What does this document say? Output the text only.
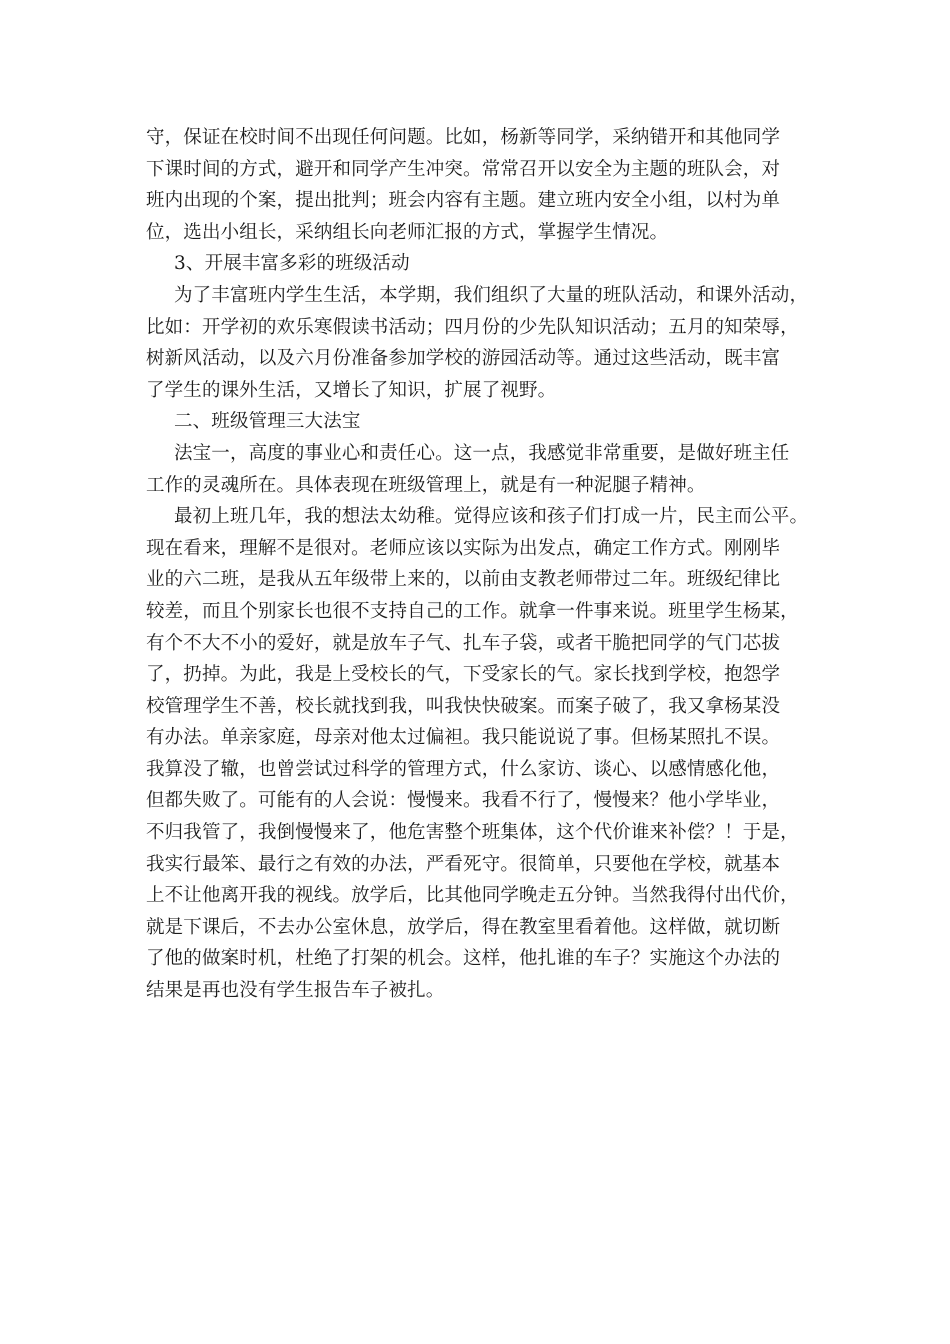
守，保证在校时间不出现任何问题。比如，杨新等同学，采纳错开和其他同学
下课时间的方式，避开和同学产生冲突。常常召开以安全为主题的班队会，对
班内出现的个案，提出批判；班会内容有主题。建立班内安全小组，以村为单
位，选出小组长，采纳组长向老师汇报的方式，掌握学生情况。
3、开展丰富多彩的班级活动
为了丰富班内学生生活，本学期，我们组织了大量的班队活动，和课外活动，
比如：开学初的欢乐寒假读书活动；四月份的少先队知识活动；五月的知荣辱，
树新风活动，以及六月份准备参加学校的游园活动等。通过这些活动，既丰富
了学生的课外生活，又增长了知识，扩展了视野。
二、班级管理三大法宝
法宝一，高度的事业心和责任心。这一点，我感觉非常重要，是做好班主任
工作的灵魂所在。具体表现在班级管理上，就是有一种泥腿子精神。
最初上班几年，我的想法太幼稚。觉得应该和孩子们打成一片，民主而公平。
现在看来，理解不是很对。老师应该以实际为出发点，确定工作方式。刚刚毕
业的六二班，是我从五年级带上来的，以前由支教老师带过二年。班级纪律比
较差，而且个别家长也很不支持自己的工作。就拿一件事来说。班里学生杨某，
有个不大不小的爱好，就是放车子气、扎车子袋，或者干脆把同学的气门芯拔
了，扔掉。为此，我是上受校长的气，下受家长的气。家长找到学校，抱怨学
校管理学生不善，校长就找到我，叫我快快破案。而案子破了，我又拿杨某没
有办法。单亲家庭，母亲对他太过偏袒。我只能说说了事。但杨某照扎不误。
我算没了辙，也曾尝试过科学的管理方式，什么家访、谈心、以感情感化他，
但都失败了。可能有的人会说：慢慢来。我看不行了，慢慢来？他小学毕业，
不归我管了，我倒慢慢来了，他危害整个班集体，这个代价谁来补偿？！于是，
我实行最笨、最行之有效的办法，严看死守。很简单，只要他在学校，就基本
上不让他离开我的视线。放学后，比其他同学晚走五分钟。当然我得付出代价，
就是下课后，不去办公室休息，放学后，得在教室里看着他。这样做，就切断
了他的做案时机，杜绝了打架的机会。这样，他扎谁的车子？实施这个办法的
结果是再也没有学生报告车子被扎。
